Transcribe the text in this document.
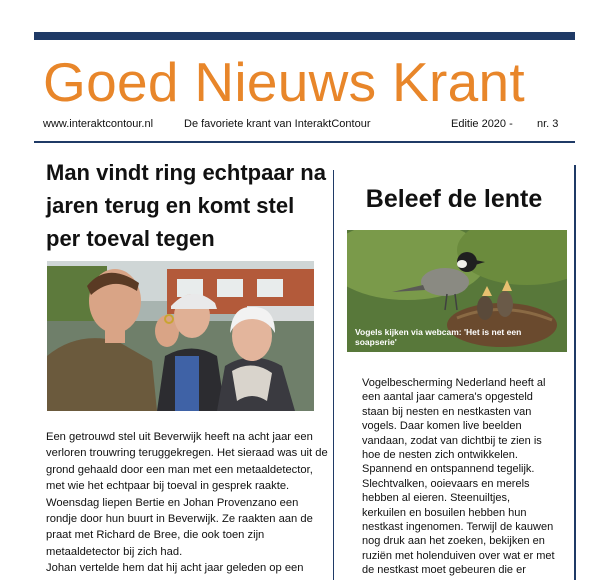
Goed Nieuws Krant
www.interaktcontour.nl	De favoriete krant van InteraktContour	Editie 2020 - nr. 3
Man vindt ring echtpaar na jaren terug en komt stel per toeval tegen

Een getrouwd stel uit Beverwijk heeft na acht jaar een verloren trouwring teruggekregen. Het sieraad was uit de grond gehaald door een man met een metaaldetector, met wie het echtpaar bij toeval in gesprek raakte.

Woensdag liepen Bertie en Johan Provenzano een rondje door hun buurt in Beverwijk. Ze raakten aan de praat met Richard de Bree, die ook toen zijn metaaldetector bij zich had.

Johan vertelde hem dat hij acht jaar geleden op een

Beleef de lente
Vogels kijken via webcam: 'Het is net een soapserie'

Vogelbescherming Nederland heeft al een aantal jaar camera's opgesteld staan bij nesten en nestkasten van vogels. Daar komen live beelden vandaan, zodat van dichtbij te zien is hoe de nesten zich ontwikkelen. Spannend en ontspannend tegelijk. Slechtvalken, ooievaars en merels hebben al eieren. Steenuiltjes, kerkuilen en bosuilen hebben hun nestkast ingenomen. Terwijl de kauwen nog druk aan het zoeken, bekijken en ruziën met holenduiven over wat er met de nestkast moet gebeuren die er
